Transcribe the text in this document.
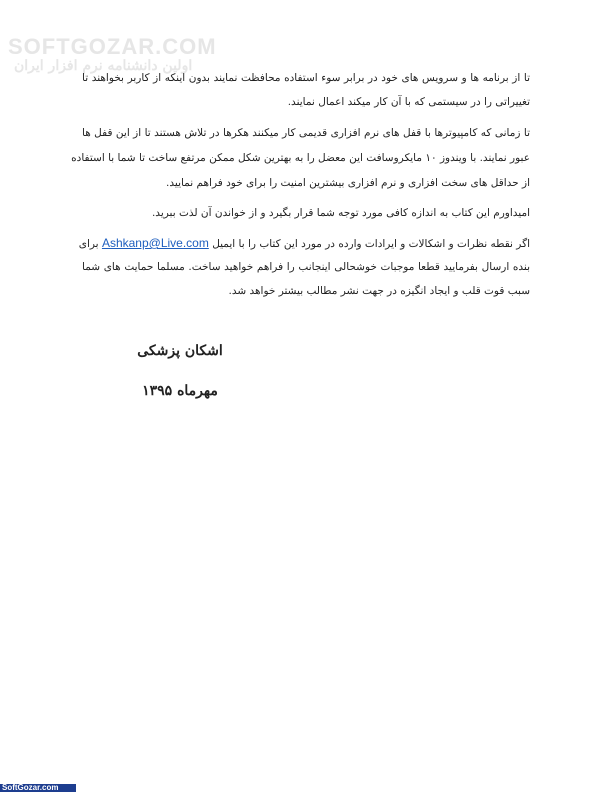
SOFTGOZAR.COM
اولین دانشنامه نرم افزار ایران
تا از برنامه ها و سرویس های خود در برابر سوء استفاده محافظت نمایند بدون اینکه از کاربر بخواهند تا
تغییراتی را در سیستمی که با آن کار میکند اعمال نمایند.
تا زمانی که کامپیوترها با قفل های نرم افزاری قدیمی کار میکنند هکرها در تلاش هستند تا از این قفل ها
عبور نمایند. با ویندوز ۱۰ مایکروسافت این معضل را به بهترین شکل ممکن مرتفع ساخت تا شما با استفاده
از حداقل های سخت افزاری و نرم افزاری بیشترین امنیت را برای خود فراهم نمایید.
امیداورم این کتاب به اندازه کافی مورد توجه شما قرار بگیرد و از خواندن آن لذت ببرید.
اگر نقطه نظرات و اشکالات و ایرادات وارده در مورد این کتاب را با ایمیل Ashkanp@Live.com برای
بنده ارسال بفرمایید قطعا موجبات خوشحالی اینجانب را فراهم خواهید ساخت. مسلما حمایت های شما
سبب قوت قلب و ایجاد انگیزه در جهت نشر مطالب بیشتر خواهد شد.
اشکان پزشکی
مهرماه ۱۳۹۵
SoftGozar.com
